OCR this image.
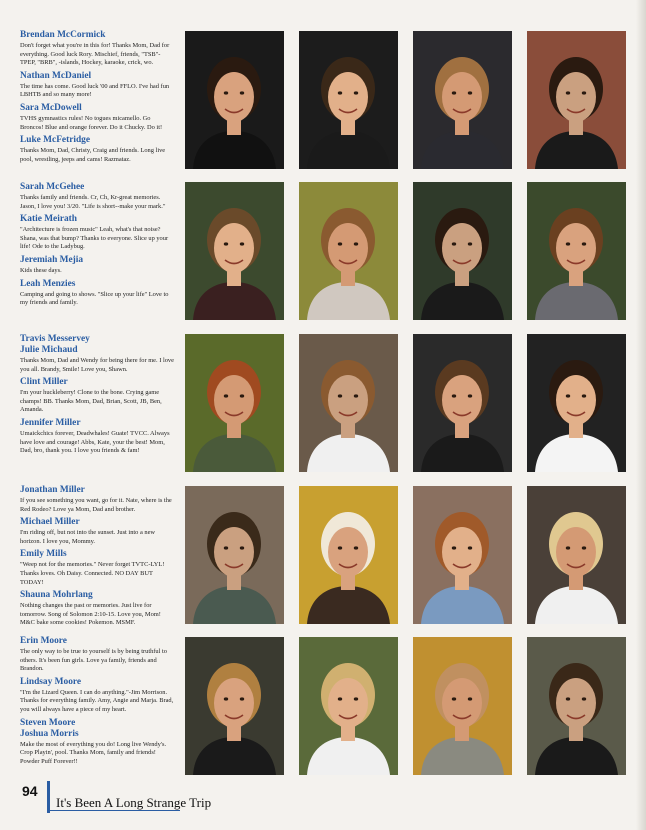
Brendan McCormick

Don't forget what you're in this for! Thanks Mom, Dad for everything. Good luck Rory. Mischief, friends, "TSB"-TPEP, "BRB", -islands, Hockey, karaoke, crick, wo.

Nathan McDaniel

The time has come. Good luck '00 and FFLO. I've had fun LBHTB and so many more!

Sara McDowell

TVHS gymnastics rules! No togues micamello. Go Broncos! Blue and orange forever. Do it Chucky. Do it!

Luke McFetridge

Thanks Mom, Dad, Christy, Craig and friends. Long live pool, wrestling, jeeps and cams! Razmataz.

Sarah McGehee

Thanks family and friends. Cr, Ch, Kr-great memories. Jason, I love you! 3/20. "Life is short--make your mark."

Katie Meirath

"Architecture is frozen music" Leah, what's that noise? Shana, was that bump? Thanks to everyone. Slice up your life! Ode to the Ladybug.

Jeremiah Mejia

Kids these days.

Leah Menzies

Camping and going to shows. "Slice up your life" Love to my friends and family.

Travis Messervey

Julie Michaud

Thanks Mom, Dad and Wendy for being there for me. I love you all. Brandy, Smile! Love you, Shawn.

Clint Miller

I'm your huckleberry! Clone to the bone. Crying game champs! BB. Thanks Mom, Dad, Brian, Scott, JB, Ben, Amanda.

Jennifer Miller

Umaickchics forever, Deadwhales! Guate! TVCC. Always have love and courage! Abbs, Kate, your the best! Mom, Dad, bro, thank you. I love you friends & fam!

Jonathan Miller

If you see something you want, go for it. Nate, where is the Red Rodeo? Love ya Mom, Dad and brother.

Michael Miller

I'm riding off, but not into the sunset. Just into a new horizon. I love you, Mommy.

Emily Mills

"Weep not for the memories." Never forget TVTC-LYL! Thanks loves. Oh Daisy. Connected. NO DAY BUT TODAY!

Shauna Mohrlang

Nothing changes the past or memories. Just live for tomorrow. Song of Solomon 2:10-15. Love you, Mom! M&C bake some cookies! Pokemon. MSMF.

Erin Moore

The only way to be true to yourself is by being truthful to others. It's been fun girls. Love ya family, friends and Brandon.

Lindsay Moore

"I'm the Lizard Queen. I can do anything."-Jim Morrison. Thanks for everything family. Amy, Angie and Marja. Brad, you will always have a piece of my heart.

Steven Moore

Joshua Morris

Make the most of everything you do! Long live Wendy's. Crop Playin', pool. Thanks Mom, family and friends! Powder Puff Forever!!

94
It's Been A Long Strange Trip
